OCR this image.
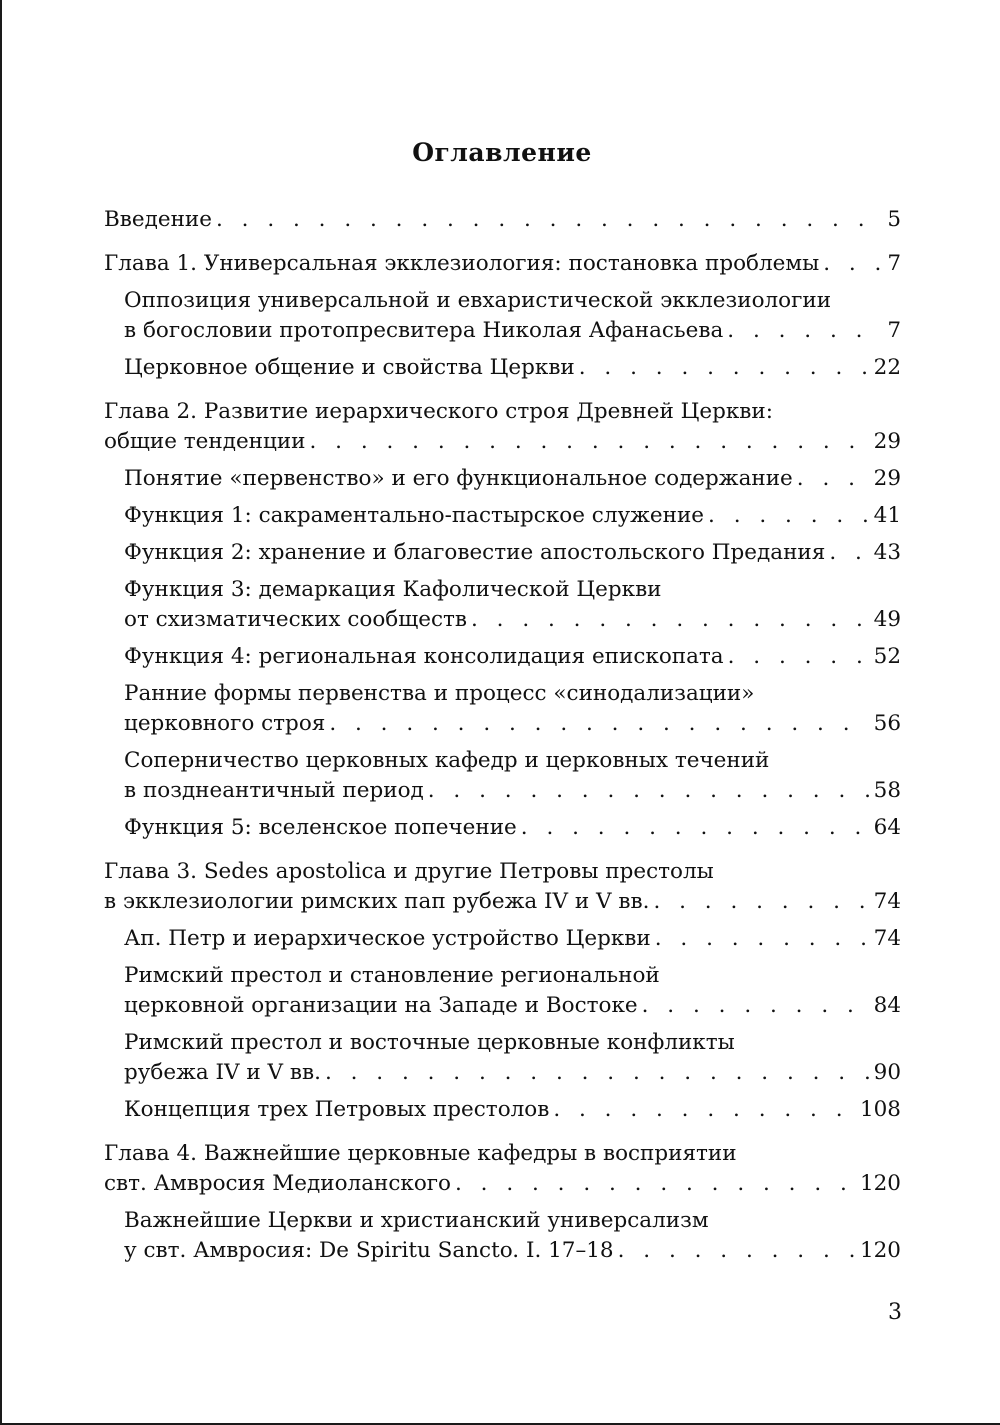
Оглавление
Введение . . .	5
Глава 1. Универсальная экклезиология: постановка проблемы . . .	7
Оппозиция универсальной и евхаристической экклезиологии
в богословии протопресвитера Николая Афанасьева . . .	7
Церковное общение и свойства Церкви . . .	22
Глава 2. Развитие иерархического строя Древней Церкви:
общие тенденции . . .	29
Понятие «первенство» и его функциональное содержание . . .	29
Функция 1: сакраментально-пастырское служение . . .	41
Функция 2: хранение и благовестие апостольского Предания . . . 43
Функция 3: демаркация Кафолической Церкви
от схизматических сообществ . . .	49
Функция 4: региональная консолидация епископата . . .	52
Ранние формы первенства и процесс «синодализации»
церковного строя . . .	56
Соперничество церковных кафедр и церковных течений
в позднеантичный период . . .	58
Функция 5: вселенское попечение . . .	64
Глава 3. Sedes apostolica и другие Петровы престолы
в экклезиологии римских пап рубежа IV и V вв. . . .	74
Ап. Петр и иерархическое устройство Церкви . . .	74
Римский престол и становление региональной
церковной организации на Западе и Востоке . . .	84
Римский престол и восточные церковные конфликты
рубежа IV и V вв. . . .	90
Концепция трех Петровых престолов . . .	108
Глава 4. Важнейшие церковные кафедры в восприятии
свт. Амвросия Медиоланского . . .	120
Важнейшие Церкви и христианский универсализм
у свт. Амвросия: De Spiritu Sancto. I. 17–18 . . .	120
3
